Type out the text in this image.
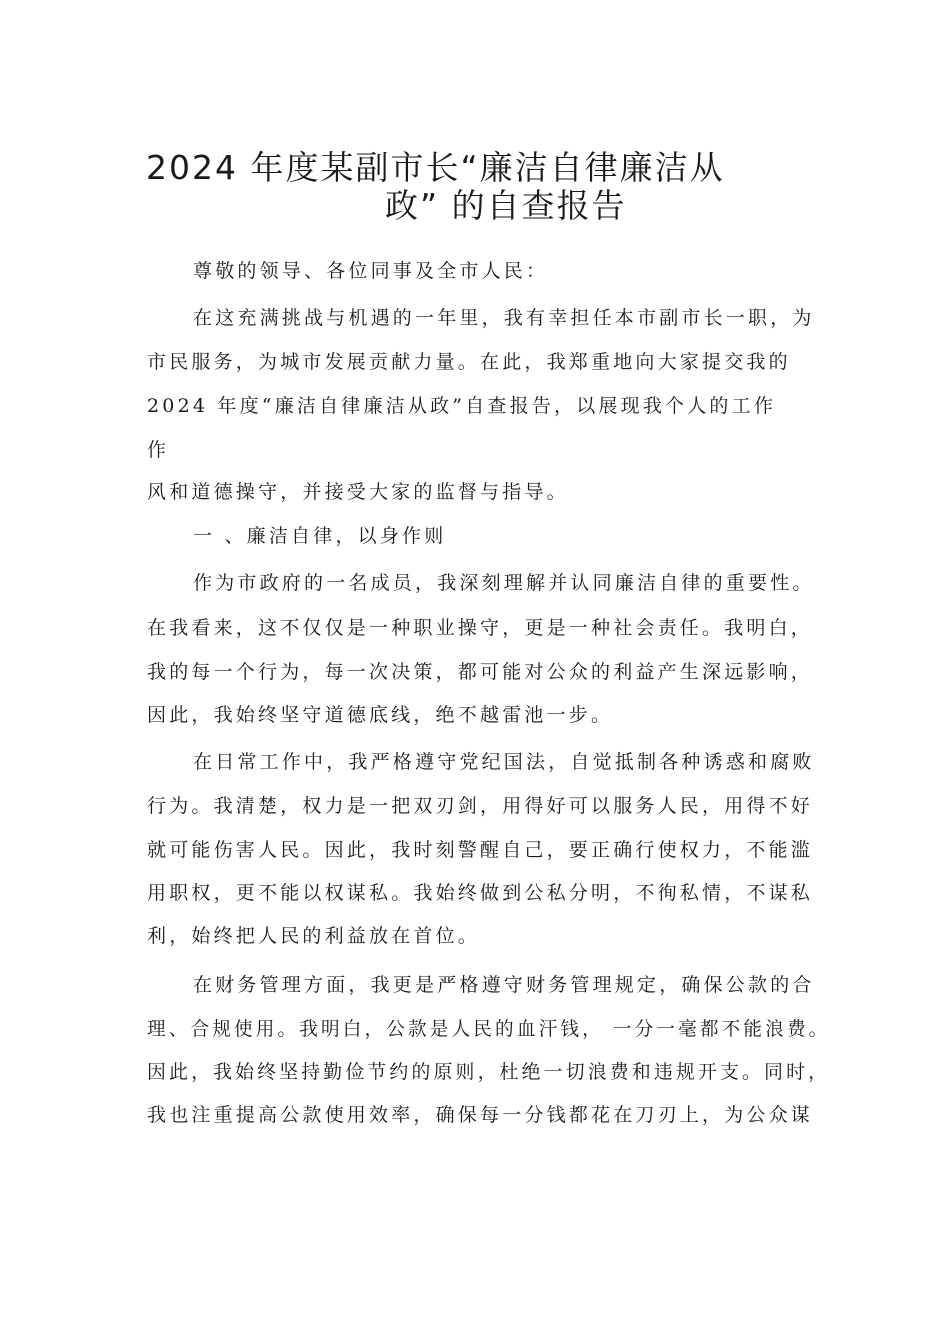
2024 年度某副市长“廉洁自律廉洁从
政” 的自查报告
尊敬的领导、各位同事及全市人民：
在这充满挑战与机遇的一年里，我有幸担任本市副市长一职，为
市民服务，为城市发展贡献力量。在此，我郑重地向大家提交我的
2024 年度“廉洁自律廉洁从政”自查报告，以展现我个人的工作
作
风和道德操守，并接受大家的监督与指导。
一 、廉洁自律，以身作则
作为市政府的一名成员，我深刻理解并认同廉洁自律的重要性。
在我看来，这不仅仅是一种职业操守，更是一种社会责任。我明白，
我的每一个行为，每一次决策，都可能对公众的利益产生深远影响，
因此，我始终坚守道德底线，绝不越雷池一步。
在日常工作中，我严格遵守党纪国法，自觉抵制各种诱惑和腐败
行为。我清楚，权力是一把双刃剑，用得好可以服务人民，用得不好
就可能伤害人民。因此，我时刻警醒自己，要正确行使权力，不能滥
用职权，更不能以权谋私。我始终做到公私分明，不徇私情，不谋私
利，始终把人民的利益放在首位。
在财务管理方面，我更是严格遵守财务管理规定，确保公款的合
理、合规使用。我明白，公款是人民的血汗钱， 一分一毫都不能浪费。
因此，我始终坚持勤俭节约的原则，杜绝一切浪费和违规开支。同时，
我也注重提高公款使用效率，确保每一分钱都花在刀刃上，为公众谋
